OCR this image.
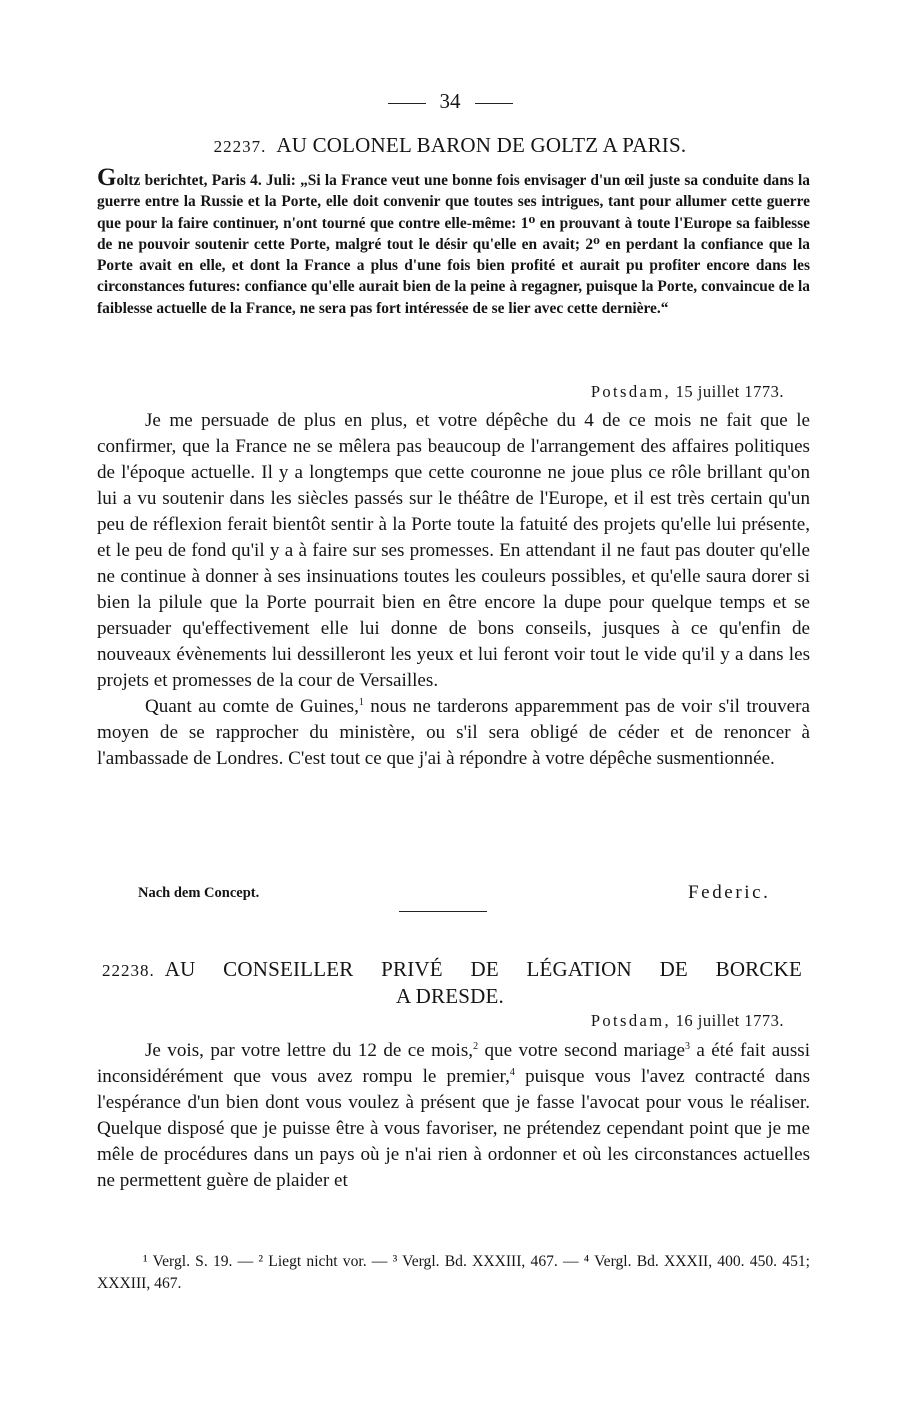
34
22237. AU COLONEL BARON DE GOLTZ A PARIS.
Goltz berichtet, Paris 4. Juli: „Si la France veut une bonne fois envisager d'un œil juste sa conduite dans la guerre entre la Russie et la Porte, elle doit convenir que toutes ses intrigues, tant pour allumer cette guerre que pour la faire continuer, n'ont tourné que contre elle-même: 1⁰ en prouvant à toute l'Europe sa faiblesse de ne pouvoir soutenir cette Porte, malgré tout le désir qu'elle en avait; 2⁰ en perdant la confiance que la Porte avait en elle, et dont la France a plus d'une fois bien profité et aurait pu profiter encore dans les circonstances futures: confiance qu'elle aurait bien de la peine à regagner, puisque la Porte, convaincue de la faiblesse actuelle de la France, ne sera pas fort intéressée de se lier avec cette dernière.“
Potsdam, 15 juillet 1773.

Je me persuade de plus en plus, et votre dépêche du 4 de ce mois ne fait que le confirmer, que la France ne se mêlera pas beaucoup de l'arrangement des affaires politiques de l'époque actuelle. Il y a longtemps que cette couronne ne joue plus ce rôle brillant qu'on lui a vu soutenir dans les siècles passés sur le théâtre de l'Europe, et il est très certain qu'un peu de réflexion ferait bientôt sentir à la Porte toute la fatuité des projets qu'elle lui présente, et le peu de fond qu'il y a à faire sur ses promesses. En attendant il ne faut pas douter qu'elle ne continue à donner à ses insinuations toutes les couleurs possibles, et qu'elle saura dorer si bien la pilule que la Porte pourrait bien en être encore la dupe pour quelque temps et se persuader qu'effectivement elle lui donne de bons conseils, jusques à ce qu'enfin de nouveaux évènements lui dessilleront les yeux et lui feront voir tout le vide qu'il y a dans les projets et promesses de la cour de Versailles.

Quant au comte de Guines,$^1$ nous ne tarderons apparemment pas de voir s'il trouvera moyen de se rapprocher du ministère, ou s'il sera obligé de céder et de renoncer à l'ambassade de Londres. C'est tout ce que j'ai à répondre à votre dépêche susmentionnée.

Nach dem Concept.	Federic.
22238. AU CONSEILLER PRIVÉ DE LÉGATION DE BORCKE
A DRESDE.
Potsdam, 16 juillet 1773.

Je vois, par votre lettre du 12 de ce mois,$^2$ que votre second mariage$^3$ a été fait aussi inconsidérément que vous avez rompu le premier,$^4$ puisque vous l'avez contracté dans l'espérance d'un bien dont vous voulez à présent que je fasse l'avocat pour vous le réaliser. Quelque disposé que je puisse être à vous favoriser, ne prétendez cependant point que je me mêle de procédures dans un pays où je n'ai rien à ordonner et où les circonstances actuelles ne permettent guère de plaider et

¹ Vergl. S. 19. — ² Liegt nicht vor. — ³ Vergl. Bd. XXXIII, 467. — ⁴ Vergl. Bd. XXXII, 400. 450. 451; XXXIII, 467.
